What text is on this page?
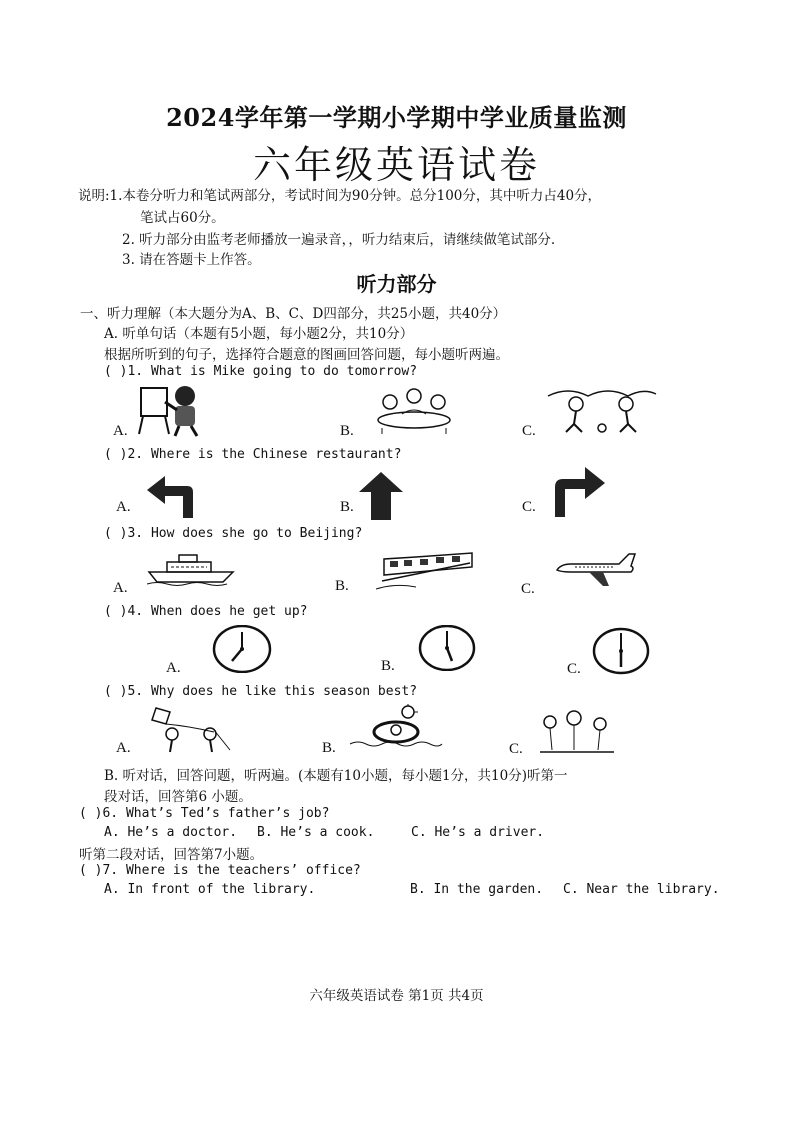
2024学年第一学期小学期中学业质量监测
六年级英语试卷
说明:1.本卷分听力和笔试两部分，考试时间为90分钟。总分100分，其中听力占40分，
笔试占60分。
2. 听力部分由监考老师播放一遍录音，，听力结束后，请继续做笔试部分.
3. 请在答题卡上作答。
听力部分
一、听力理解（本大题分为A、B、C、D四部分，共25小题，共40分）
A. 听单句话（本题有5小题，每小题2分，共10分）
根据所听到的句子，选择符合题意的图画回答问题，每小题听两遍。
( )1. What is Mike going to do tomorrow?
A.	B.	C.
( )2. Where is the Chinese restaurant?
A.	B.	C.
( )3. How does she go to Beijing?
A.	B.	C.
( )4. When does he get up?
A.	B.	C.
( )5. Why does he like this season best?
A.	B.	C.
B. 听对话，回答问题，听两遍。(本题有10小题，每小题1分，共10分)听第一
段对话，回答第6 小题。
( )6. What’s Ted’s father’s job?
A. He’s a doctor. B. He’s a cook.	C. He’s a driver.
听第二段对话，回答第7小题。
( )7. Where is the teachers’ office?
A. In front of the library.	B. In the garden. C. Near the library.
六年级英语试卷 第1页 共4页
